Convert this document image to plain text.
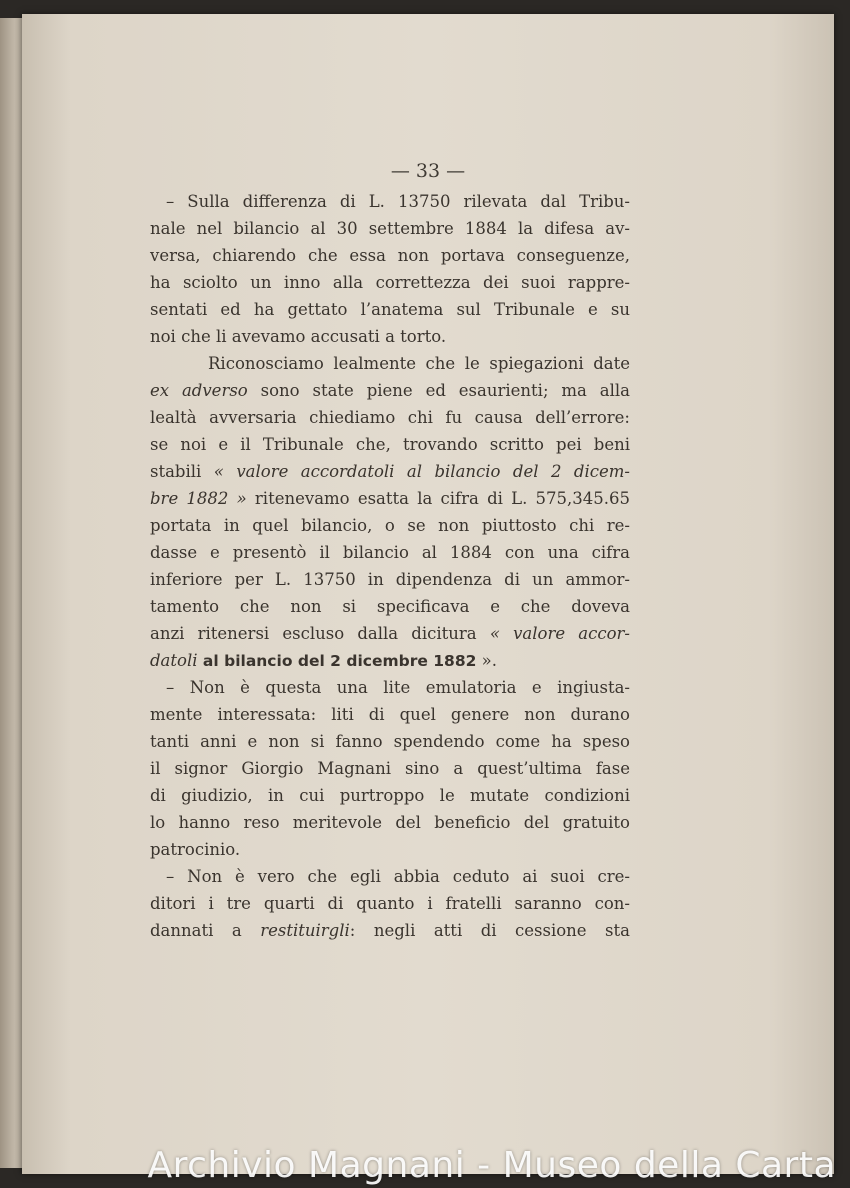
— 33 —
– Sulla differenza di L. 13750 rilevata dal Tribu-
nale nel bilancio al 30 settembre 1884 la difesa av-
versa, chiarendo che essa non portava conseguenze,
ha sciolto un inno alla correttezza dei suoi rappre-
sentati ed ha gettato l’anatema sul Tribunale e su
noi che li avevamo accusati a torto.
Riconosciamo lealmente che le spiegazioni date
ex adverso sono state piene ed esaurienti; ma alla
lealtà avversaria chiediamo chi fu causa dell’errore:
se noi e il Tribunale che, trovando scritto pei beni
stabili « valore accordatoli al bilancio del 2 dicem-
bre 1882 » ritenevamo esatta la cifra di L. 575,345.65
portata in quel bilancio, o se non piuttosto chi re-
dasse e presentò il bilancio al 1884 con una cifra
inferiore per L. 13750 in dipendenza di un ammor-
tamento che non si specificava e che doveva
anzi ritenersi escluso dalla dicitura « valore accor-
datoli al bilancio del 2 dicembre 1882 ».
– Non è questa una lite emulatoria e ingiusta-
mente interessata: liti di quel genere non durano
tanti anni e non si fanno spendendo come ha speso
il signor Giorgio Magnani sino a quest’ultima fase
di giudizio, in cui purtroppo le mutate condizioni
lo hanno reso meritevole del beneficio del gratuito
patrocinio.
– Non è vero che egli abbia ceduto ai suoi cre-
ditori i tre quarti di quanto i fratelli saranno con-
dannati a restituirgli: negli atti di cessione sta
Archivio Magnani - Museo della Carta
